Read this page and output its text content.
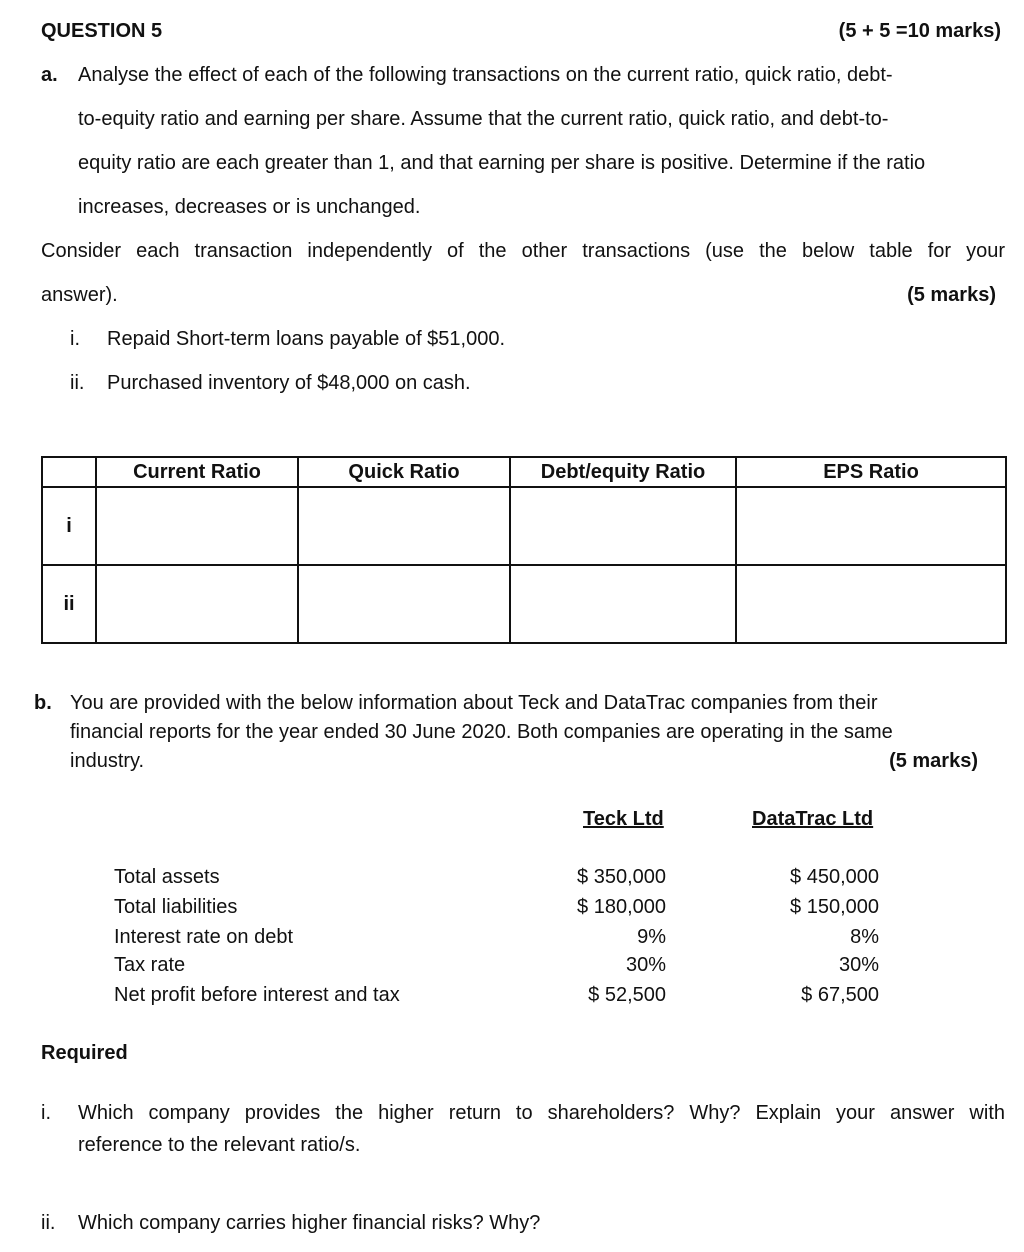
QUESTION 5	(5 + 5 =10 marks)
a. Analyse the effect of each of the following transactions on the current ratio, quick ratio, debt-
to-equity ratio and earning per share. Assume that the current ratio, quick ratio, and debt-to-
equity ratio are each greater than 1, and that earning per share is positive. Determine if the ratio
increases, decreases or is unchanged.
Consider each transaction independently of the other transactions (use the below table for your
answer).	(5 marks)
i. Repaid Short-term loans payable of $51,000.
ii. Purchased inventory of $48,000 on cash.
	Current Ratio	Quick Ratio	Debt/equity Ratio	EPS Ratio
i				
ii				
b. You are provided with the below information about Teck and DataTrac companies from their
financial reports for the year ended 30 June 2020. Both companies are operating in the same
industry.	(5 marks)
Teck Ltd	DataTrac Ltd
Total assets	$ 350,000	$ 450,000
Total liabilities	$ 180,000	$ 150,000
Interest rate on debt	9%	8%
Tax rate	30%	30%
Net profit before interest and tax	$ 52,500	$ 67,500
Required
i. Which company provides the higher return to shareholders? Why? Explain your answer with
reference to the relevant ratio/s.
ii. Which company carries higher financial risks? Why?
